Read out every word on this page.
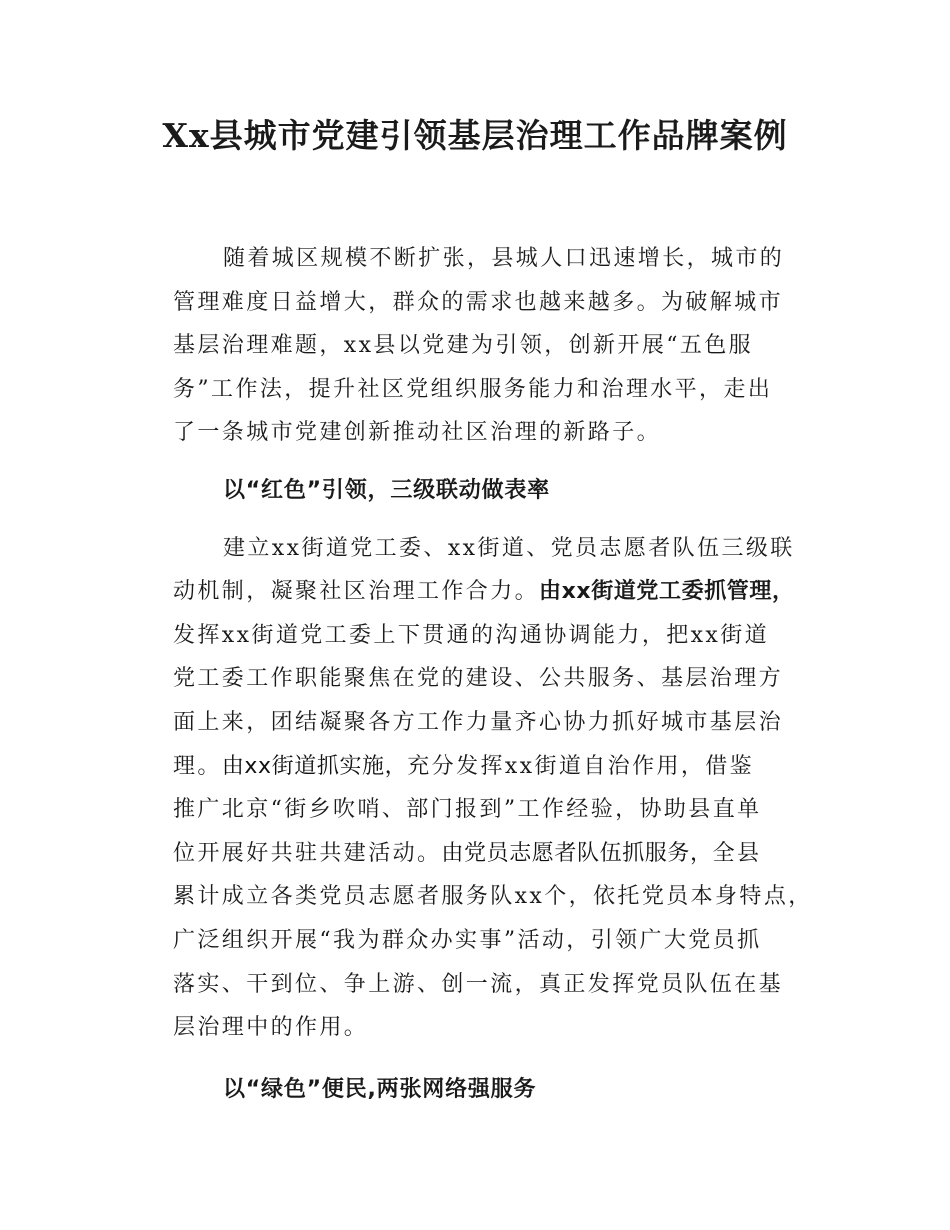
Xx县城市党建引领基层治理工作品牌案例
随着城区规模不断扩张，县城人口迅速增长，城市的
管理难度日益增大，群众的需求也越来越多。为破解城市
基层治理难题，xx县以党建为引领，创新开展“五色服
务”工作法，提升社区党组织服务能力和治理水平，走出
了一条城市党建创新推动社区治理的新路子。
以“红色”引领，三级联动做表率
建立xx街道党工委、xx街道、党员志愿者队伍三级联
动机制，凝聚社区治理工作合力。由xx街道党工委抓管理，
发挥xx街道党工委上下贯通的沟通协调能力，把xx街道
党工委工作职能聚焦在党的建设、公共服务、基层治理方
面上来，团结凝聚各方工作力量齐心协力抓好城市基层治
理。由xx街道抓实施，充分发挥xx街道自治作用，借鉴
推广北京“街乡吹哨、部门报到”工作经验，协助县直单
位开展好共驻共建活动。由党员志愿者队伍抓服务，全县
累计成立各类党员志愿者服务队xx个，依托党员本身特点，
广泛组织开展“我为群众办实事”活动，引领广大党员抓
落实、干到位、争上游、创一流，真正发挥党员队伍在基
层治理中的作用。
以“绿色”便民,两张网络强服务
